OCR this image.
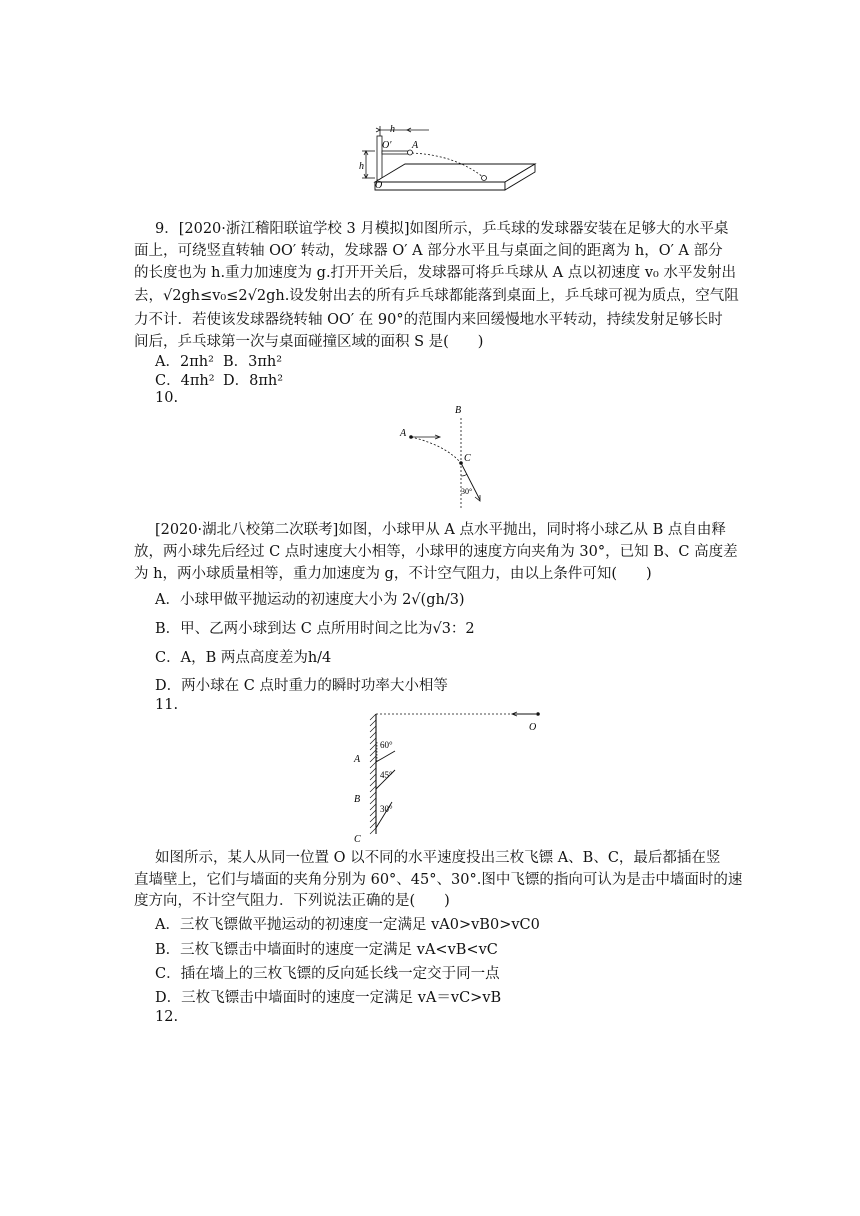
h
h
O′ A
O
9．[2020·浙江稽阳联谊学校 3 月模拟]如图所示，乒乓球的发球器安装在足够大的水平桌
面上，可绕竖直转轴 OO′ 转动，发球器 O′ A 部分水平且与桌面之间的距离为 h，O′ A 部分
的长度也为 h.重力加速度为 g.打开开关后，发球器可将乒乓球从 A 点以初速度 v₀ 水平发射出
去，√2gh≤v₀≤2√2gh.设发射出去的所有乒乓球都能落到桌面上，乒乓球可视为质点，空气阻
力不计．若使该发球器绕转轴 OO′ 在 90°的范围内来回缓慢地水平转动，持续发射足够长时
间后，乒乓球第一次与桌面碰撞区域的面积 S 是(　　)
A．2πh² B．3πh²
C．4πh² D．8πh²
10.
B
A
C
30°
[2020·湖北八校第二次联考]如图，小球甲从 A 点水平抛出，同时将小球乙从 B 点自由释
放，两小球先后经过 C 点时速度大小相等，小球甲的速度方向夹角为 30°，已知 B、C 高度差
为 h，两小球质量相等，重力加速度为 g，不计空气阻力，由以上条件可知(　　)
A．小球甲做平抛运动的初速度大小为 2√(gh/3)
B．甲、乙两小球到达 C 点所用时间之比为√3：2
C．A，B 两点高度差为h/4
D．两小球在 C 点时重力的瞬时功率大小相等
11.
O
60°
A
45°
B
30°
C
如图所示，某人从同一位置 O 以不同的水平速度投出三枚飞镖 A、B、C，最后都插在竖
直墙壁上，它们与墙面的夹角分别为 60°、45°、30°.图中飞镖的指向可认为是击中墙面时的速
度方向，不计空气阻力．下列说法正确的是(　　)
A．三枚飞镖做平抛运动的初速度一定满足 vA0>vB0>vC0
B．三枚飞镖击中墙面时的速度一定满足 vA<vB<vC
C．插在墙上的三枚飞镖的反向延长线一定交于同一点
D．三枚飞镖击中墙面时的速度一定满足 vA＝vC>vB
12.
